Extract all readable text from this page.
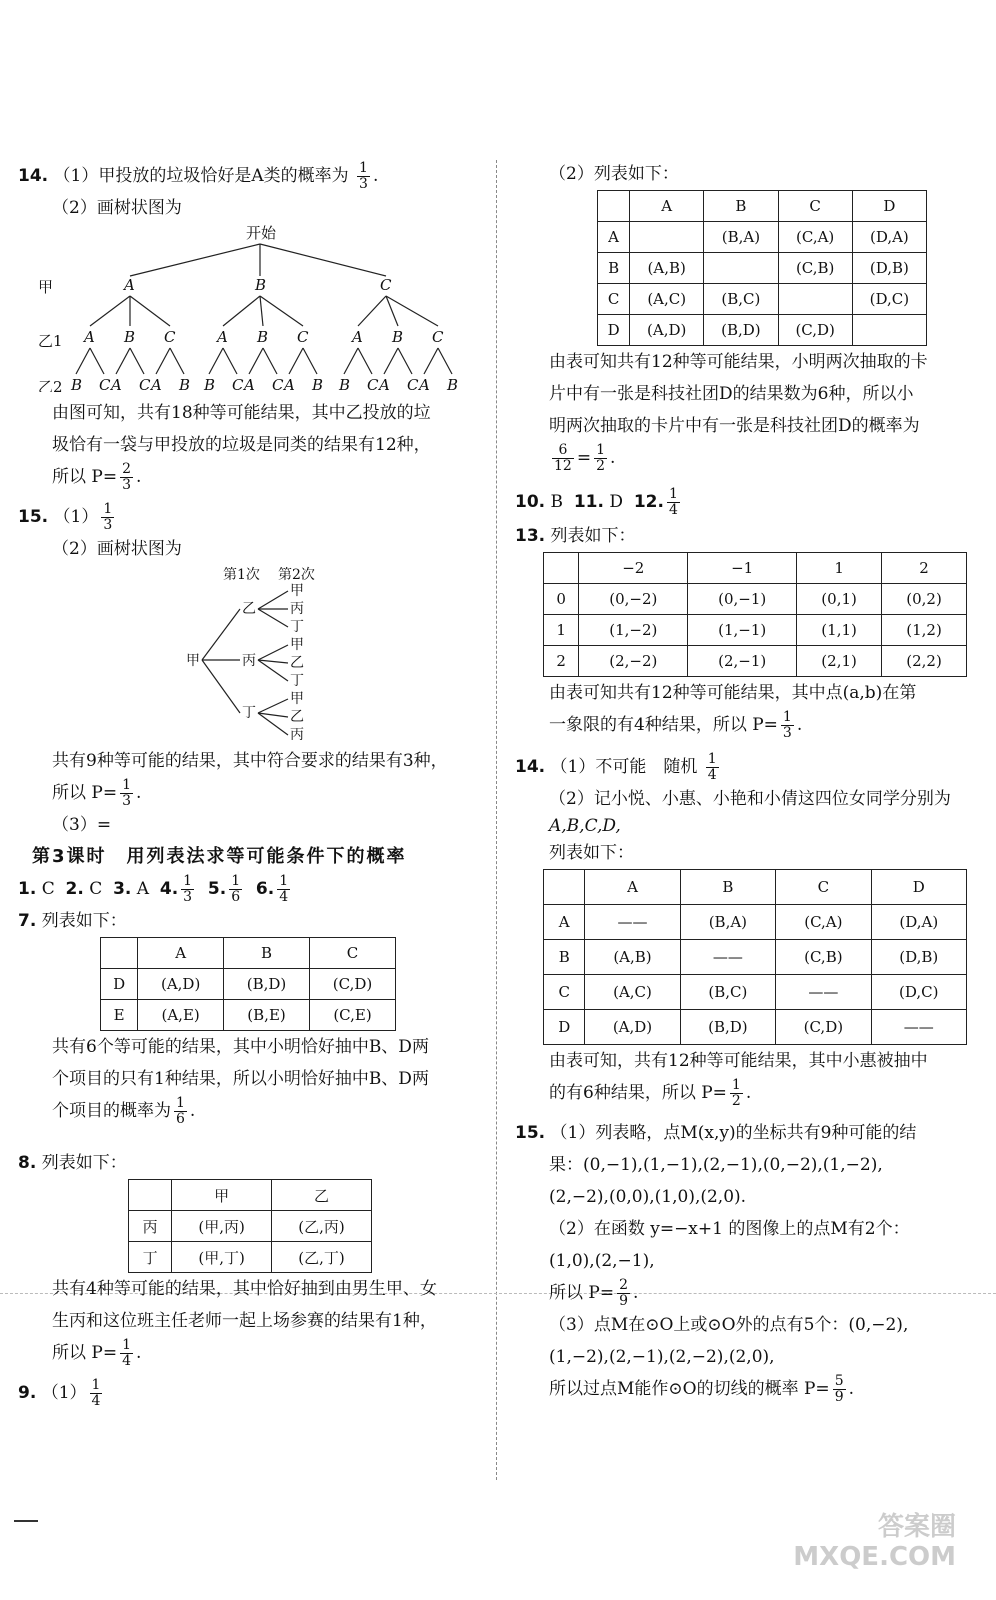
14. （1）甲投放的垃圾恰好是A类的概率为 $\frac{1}{3}$ .
（2）画树状图为
开始
甲
乙1
乙2
A	B	C
A B C	A B C	A B C
B C A C A B B C A C A B B C A C A B
由图可知，共有18种等可能结果，其中乙投放的垃
圾恰有一袋与甲投放的垃圾是同类的结果有12种，
所以 $P= \frac{2}{3}$ .
15. $(1) \frac{1}{3}$
（2）画树状图为
第1次 第2次
甲
乙
丙
丁
甲
丙
丁
甲
乙
丁
甲
乙
丙
共有9种等可能的结果，其中符合要求的结果有3种，
所以 $P= \frac{1}{3}$ .
（3）=
第3课时　用列表法求等可能条件下的概率
1. C 2. C 3. A 4. $\frac{1}{3} 5$. $\frac{1}{6} 6$. $\frac{1}{4}$
7. 列表如下：
	A	B	C
D	(A,D)	(B,D)	(C,D)
E	(A,E)	(B,E)	(C,E)
共有6个等可能的结果，其中小明恰好抽中B、D两
个项目的只有1种结果，所以小明恰好抽中B、D两
个项目的概率为 $\frac{1}{6}$ .
8. 列表如下：
	甲	乙
丙	(甲,丙)	(乙,丙)
丁	(甲,丁)	(乙,丁)
共有4种等可能的结果，其中恰好抽到由男生甲、女
生丙和这位班主任老师一起上场参赛的结果有1种，
所以 $P= \frac{1}{4}$ .
9. $(1) \frac{1}{4}$
（2）列表如下：
	A	B	C	D
A		(B,A)	(C,A)	(D,A)
B	(A,B)		(C,B)	(D,B)
C	(A,C)	(B,C)		(D,C)
D	(A,D)	(B,D)	(C,D)	
由表可知共有12种等可能结果，小明两次抽取的卡
片中有一张是科技社团D的结果数为6种，所以小
明两次抽取的卡片中有一张是科技社团D的概率为
$\frac{6}{12} = \frac{1}{2}$ .
10. B 11. D 12. $\frac{1}{4}$
13. 列表如下：
	−2	−1	1	2
0	(0,−2)	(0,−1)	(0,1)	(0,2)
1	(1,−2)	(1,−1)	(1,1)	(1,2)
2	(2,−2)	(2,−1)	(2,1)	(2,2)
由表可知共有12种等可能结果，其中点(a,b)在第
一象限的有4种结果，所以 $P= \frac{1}{3}$ .
14. （1）不可能　随机 $\frac{1}{4}$
（2）记小悦、小惠、小艳和小倩这四位女同学分别为
A,B,C,D,
列表如下：
	A	B	C	D
A	——	(B,A)	(C,A)	(D,A)
B	(A,B)	——	(C,B)	(D,B)
C	(A,C)	(B,C)	——	(D,C)
D	(A,D)	(B,D)	(C,D)	——
由表可知，共有12种等可能结果，其中小惠被抽中
的有6种结果，所以 $P= \frac{1}{2}$ .
15. （1）列表略，点M(x,y)的坐标共有9种可能的结
果：(0,−1),(1,−1),(2,−1),(0,−2),(1,−2),
(2,−2),(0,0),(1,0),(2,0).
（2）在函数 y=−x+1 的图像上的点M有2个：
(1,0),(2,−1),
所以 $P= \frac{2}{9}$ .
（3）点M在⊙O上或⊙O外的点有5个：(0,−2),
(1,−2),(2,−1),(2,−2),(2,0),
所以过点M能作⊙O的切线的概率 $P= \frac{5}{9}$ .
答案圈
MXQE.COM
